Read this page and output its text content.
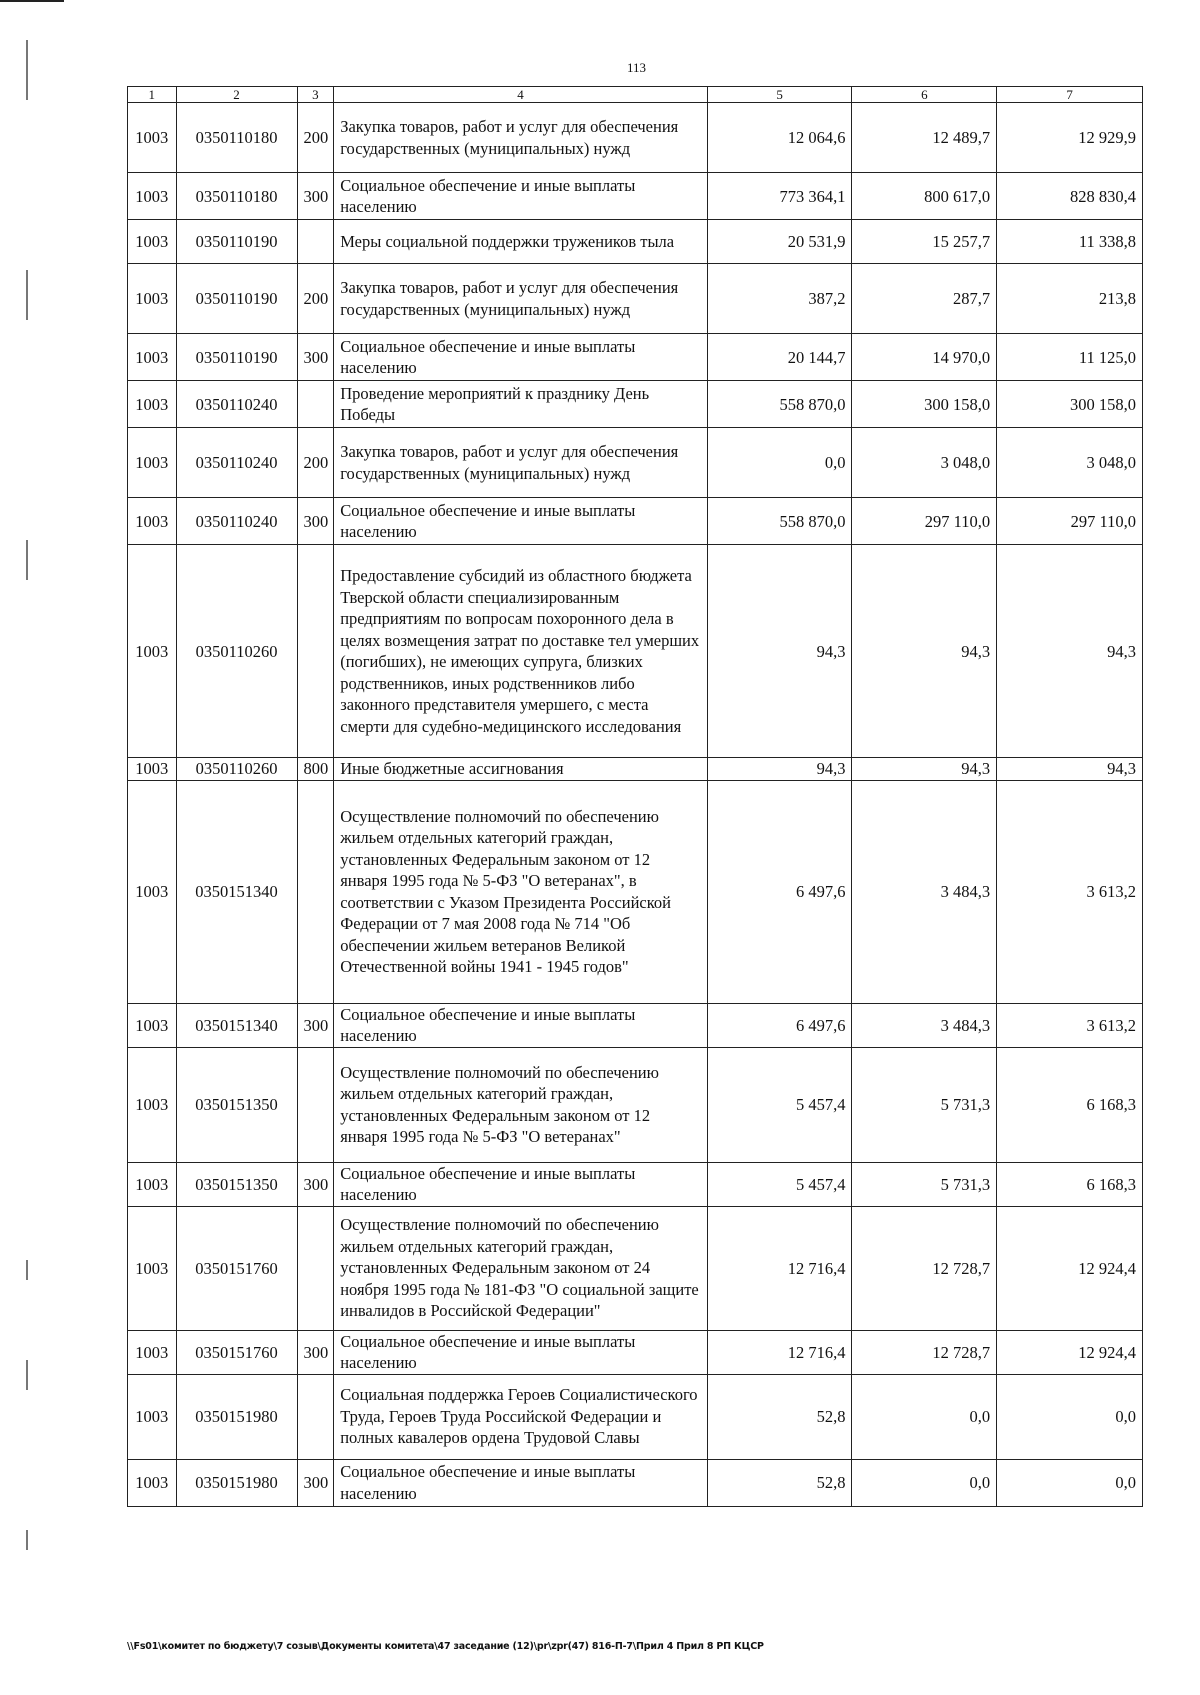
113
1	2	3	4	5	6	7
1003	0350110180	200	Закупка товаров, работ и услуг для обеспечения государственных (муниципальных) нужд	12 064,6	12 489,7	12 929,9
1003	0350110180	300	Социальное обеспечение и иные выплаты населению	773 364,1	800 617,0	828 830,4
1003	0350110190		Меры социальной поддержки тружеников тыла	20 531,9	15 257,7	11 338,8
1003	0350110190	200	Закупка товаров, работ и услуг для обеспечения государственных (муниципальных) нужд	387,2	287,7	213,8
1003	0350110190	300	Социальное обеспечение и иные выплаты населению	20 144,7	14 970,0	11 125,0
1003	0350110240		Проведение мероприятий к празднику День Победы	558 870,0	300 158,0	300 158,0
1003	0350110240	200	Закупка товаров, работ и услуг для обеспечения государственных (муниципальных) нужд	0,0	3 048,0	3 048,0
1003	0350110240	300	Социальное обеспечение и иные выплаты населению	558 870,0	297 110,0	297 110,0
1003	0350110260		Предоставление субсидий из областного бюджета Тверской области специализированным предприятиям по вопросам похоронного дела в целях возмещения затрат по доставке тел умерших (погибших), не имеющих супруга, близких родственников, иных родственников либо законного представителя умершего, с места смерти для судебно-медицинского исследования	94,3	94,3	94,3
1003	0350110260	800	Иные бюджетные ассигнования	94,3	94,3	94,3
1003	0350151340		Осуществление полномочий по обеспечению жильем отдельных категорий граждан, установленных Федеральным законом от 12 января 1995 года № 5-ФЗ "О ветеранах", в соответствии с Указом Президента Российской Федерации от 7 мая 2008 года № 714 "Об обеспечении жильем ветеранов Великой Отечественной войны 1941 - 1945 годов"	6 497,6	3 484,3	3 613,2
1003	0350151340	300	Социальное обеспечение и иные выплаты населению	6 497,6	3 484,3	3 613,2
1003	0350151350		Осуществление полномочий по обеспечению жильем отдельных категорий граждан, установленных Федеральным законом от 12 января 1995 года № 5-ФЗ "О ветеранах"	5 457,4	5 731,3	6 168,3
1003	0350151350	300	Социальное обеспечение и иные выплаты населению	5 457,4	5 731,3	6 168,3
1003	0350151760		Осуществление полномочий по обеспечению жильем отдельных категорий граждан, установленных Федеральным законом от 24 ноября 1995 года № 181-ФЗ "О социальной защите инвалидов в Российской Федерации"	12 716,4	12 728,7	12 924,4
1003	0350151760	300	Социальное обеспечение и иные выплаты населению	12 716,4	12 728,7	12 924,4
1003	0350151980		Социальная поддержка Героев Социалистического Труда, Героев Труда Российской Федерации и полных кавалеров ордена Трудовой Славы	52,8	0,0	0,0
1003	0350151980	300	Социальное обеспечение и иные выплаты населению	52,8	0,0	0,0
\\Fs01\комитет по бюджету\7 созыв\Документы комитета\47 заседание (12)\pr\zpr(47) 816-П-7\Прил 4 Прил 8 РП КЦСР
